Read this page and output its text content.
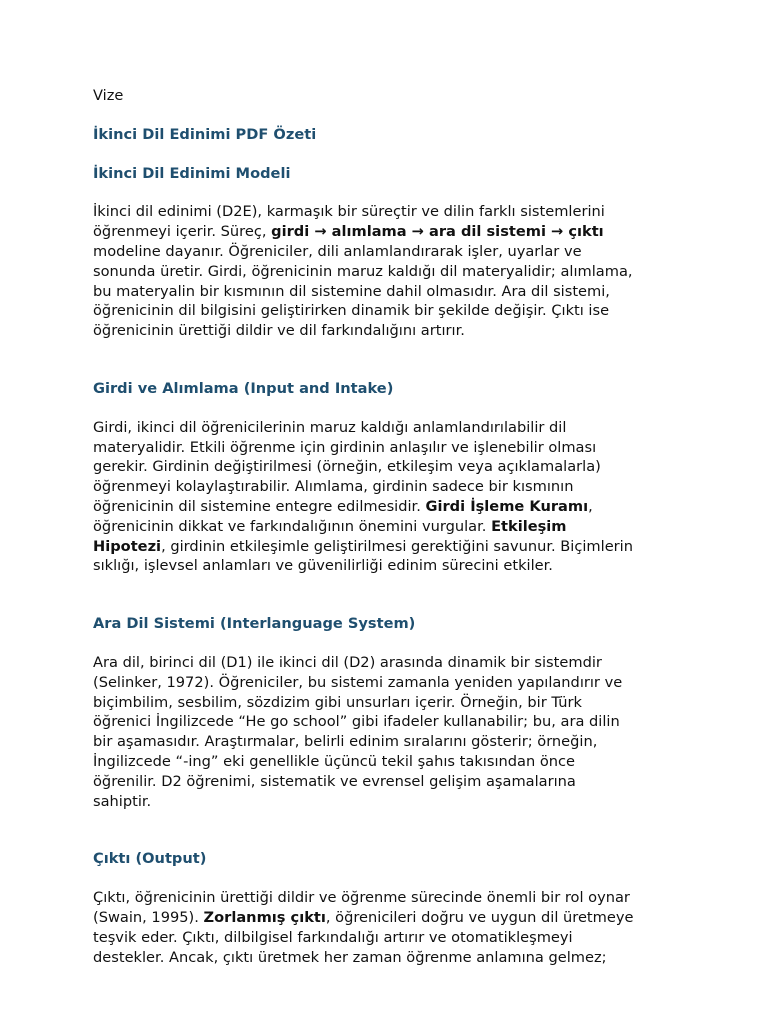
Vize
İkinci Dil Edinimi PDF Özeti
İkinci Dil Edinimi Modeli

İkinci dil edinimi (D2E), karmaşık bir süreçtir ve dilin farklı sistemlerini
öğrenmeyi içerir. Süreç, girdi → alımlama → ara dil sistemi → çıktı
modeline dayanır. Öğreniciler, dili anlamlandırarak işler, uyarlar ve
sonunda üretir. Girdi, öğrenicinin maruz kaldığı dil materyalidir; alımlama,
bu materyalin bir kısmının dil sistemine dahil olmasıdır. Ara dil sistemi,
öğrenicinin dil bilgisini geliştirirken dinamik bir şekilde değişir. Çıktı ise
öğrenicinin ürettiği dildir ve dil farkındalığını artırır.

Girdi ve Alımlama (Input and Intake)

Girdi, ikinci dil öğrenicilerinin maruz kaldığı anlamlandırılabilir dil
materyalidir. Etkili öğrenme için girdinin anlaşılır ve işlenebilir olması
gerekir. Girdinin değiştirilmesi (örneğin, etkileşim veya açıklamalarla)
öğrenmeyi kolaylaştırabilir. Alımlama, girdinin sadece bir kısmının
öğrenicinin dil sistemine entegre edilmesidir. Girdi İşleme Kuramı,
öğrenicinin dikkat ve farkındalığının önemini vurgular. Etkileşim
Hipotezi, girdinin etkileşimle geliştirilmesi gerektiğini savunur. Biçimlerin
sıklığı, işlevsel anlamları ve güvenilirliği edinim sürecini etkiler.

Ara Dil Sistemi (Interlanguage System)

Ara dil, birinci dil (D1) ile ikinci dil (D2) arasında dinamik bir sistemdir
(Selinker, 1972). Öğreniciler, bu sistemi zamanla yeniden yapılandırır ve
biçimbilim, sesbilim, sözdizim gibi unsurları içerir. Örneğin, bir Türk
öğrenici İngilizcede “He go school” gibi ifadeler kullanabilir; bu, ara dilin
bir aşamasıdır. Araştırmalar, belirli edinim sıralarını gösterir; örneğin,
İngilizcede “-ing” eki genellikle üçüncü tekil şahıs takısından önce
öğrenilir. D2 öğrenimi, sistematik ve evrensel gelişim aşamalarına
sahiptir.

Çıktı (Output)

Çıktı, öğrenicinin ürettiği dildir ve öğrenme sürecinde önemli bir rol oynar
(Swain, 1995). Zorlanmış çıktı, öğrenicileri doğru ve uygun dil üretmeye
teşvik eder. Çıktı, dilbilgisel farkındalığı artırır ve otomatikleşmeyi
destekler. Ancak, çıktı üretmek her zaman öğrenme anlamına gelmez;
